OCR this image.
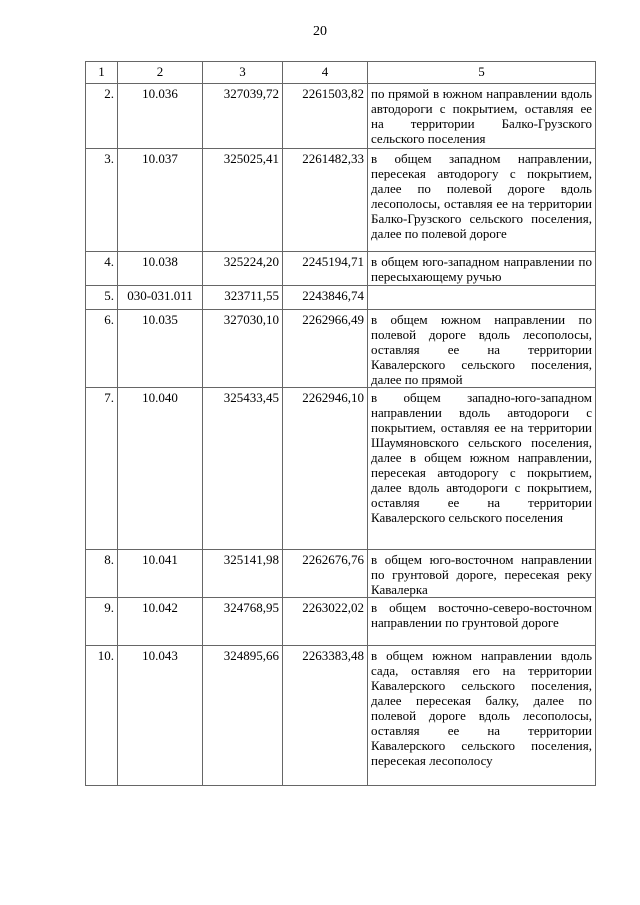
20
1	2	3	4	5
2.	10.036	327039,72	2261503,82	по прямой в южном направлении вдоль автодороги с покрытием, оставляя ее на территории Балко-Грузского сельского поселения
3.	10.037	325025,41	2261482,33	в общем западном направлении, пересекая автодорогу с покрытием, далее по полевой дороге вдоль лесополосы, оставляя ее на территории Балко-Грузского сельского поселения, далее по полевой дороге
4.	10.038	325224,20	2245194,71	в общем юго-западном направлении по пересыхающему ручью
5.	030-031.011	323711,55	2243846,74	
6.	10.035	327030,10	2262966,49	в общем южном направлении по полевой дороге вдоль лесополосы, оставляя ее на территории Кавалерского сельского поселения, далее по прямой
7.	10.040	325433,45	2262946,10	в общем западно-юго-западном направлении вдоль автодороги с покрытием, оставляя ее на территории Шаумяновского сельского поселения, далее в общем южном направлении, пересекая автодорогу с покрытием, далее вдоль автодороги с покрытием, оставляя ее на территории Кавалерского сельского поселения
8.	10.041	325141,98	2262676,76	в общем юго-восточном направлении по грунтовой дороге, пересекая реку Кавалерка
9.	10.042	324768,95	2263022,02	в общем восточно-северо-восточном направлении по грунтовой дороге
10.	10.043	324895,66	2263383,48	в общем южном направлении вдоль сада, оставляя его на территории Кавалерского сельского поселения, далее пересекая балку, далее по полевой дороге вдоль лесополосы, оставляя ее на территории Кавалерского сельского поселения, пересекая лесополосу
